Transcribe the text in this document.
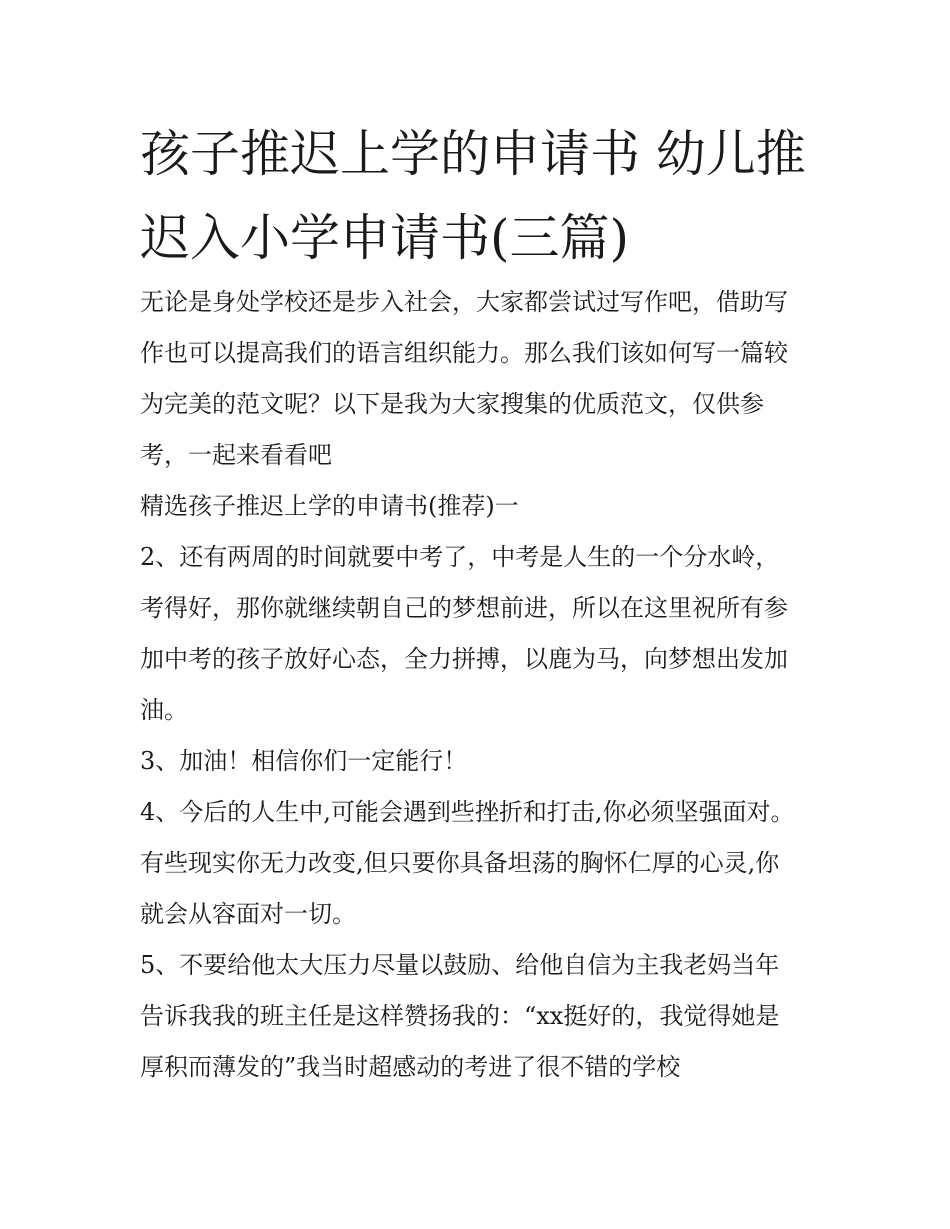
孩子推迟上学的申请书 幼儿推
迟入小学申请书(三篇)
无论是身处学校还是步入社会，大家都尝试过写作吧，借助写
作也可以提高我们的语言组织能力。那么我们该如何写一篇较
为完美的范文呢？以下是我为大家搜集的优质范文，仅供参
考，一起来看看吧
精选孩子推迟上学的申请书(推荐)一
2、还有两周的时间就要中考了，中考是人生的一个分水岭，
考得好，那你就继续朝自己的梦想前进，所以在这里祝所有参
加中考的孩子放好心态，全力拼搏，以鹿为马，向梦想出发加
油。
3、加油！相信你们一定能行！
4、今后的人生中,可能会遇到些挫折和打击,你必须坚强面对。
有些现实你无力改变,但只要你具备坦荡的胸怀仁厚的心灵,你
就会从容面对一切。
5、不要给他太大压力尽量以鼓励、给他自信为主我老妈当年
告诉我我的班主任是这样赞扬我的：“xx挺好的，我觉得她是
厚积而薄发的”我当时超感动的考进了很不错的学校
